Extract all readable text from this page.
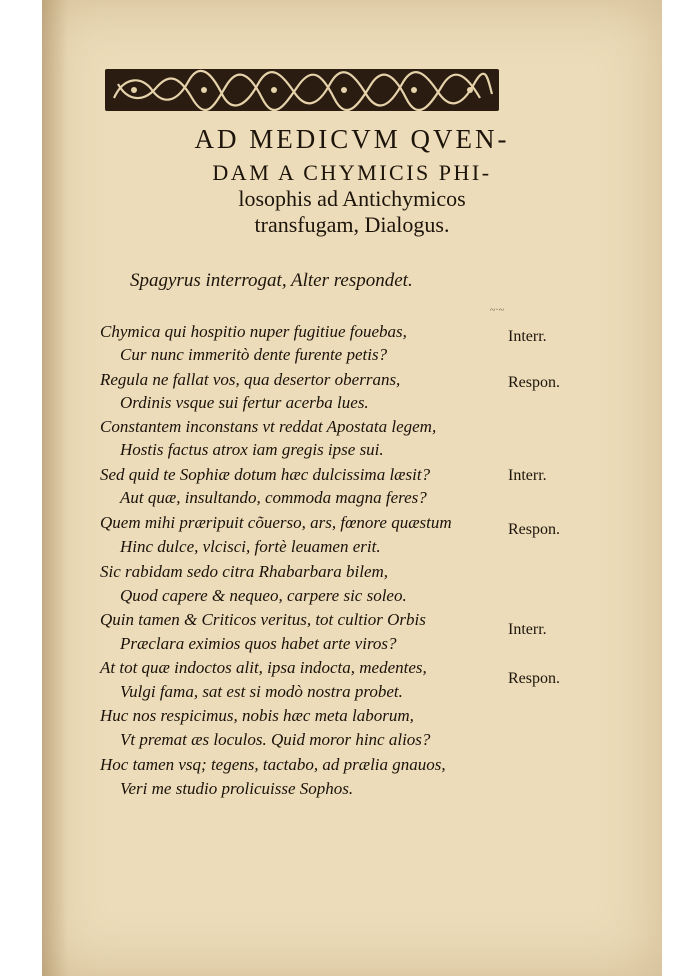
AD MEDICVM QVEN-
DAM A CHYMICIS PHI-
losophis ad Antichymicos
transfugam, Dialogus.
Spagyrus interrogat, Alter respondet.
~·~
Chymica qui hospitio nuper fugitiue fouebas,
Cur nunc immeritò dente furente petis?
Regula ne fallat vos, qua desertor oberrans,
Ordinis vsque sui fertur acerba lues.
Constantem inconstans vt reddat Apostata legem,
Hostis factus atrox iam gregis ipse sui.
Sed quid te Sophiæ dotum hæc dulcissima læsit?
Aut quæ, insultando, commoda magna feres?
Quem mihi præripuit cõuerso, ars, fœnore quæstum
Hinc dulce, vlcisci, fortè leuamen erit.
Sic rabidam sedo citra Rhabarbara bilem,
Quod capere & nequeo, carpere sic soleo.
Quin tamen & Criticos veritus, tot cultior Orbis
Præclara eximios quos habet arte viros?
At tot quæ indoctos alit, ipsa indocta, medentes,
Vulgi fama, sat est si modò nostra probet.
Huc nos respicimus, nobis hæc meta laborum,
Vt premat æs loculos. Quid moror hinc alios?
Hoc tamen vsq; tegens, tactabo, ad prælia gnauos,
Veri me studio prolicuisse Sophos.
Interr.
Respon.
Interr.
Respon.
Interr.
Respon.
